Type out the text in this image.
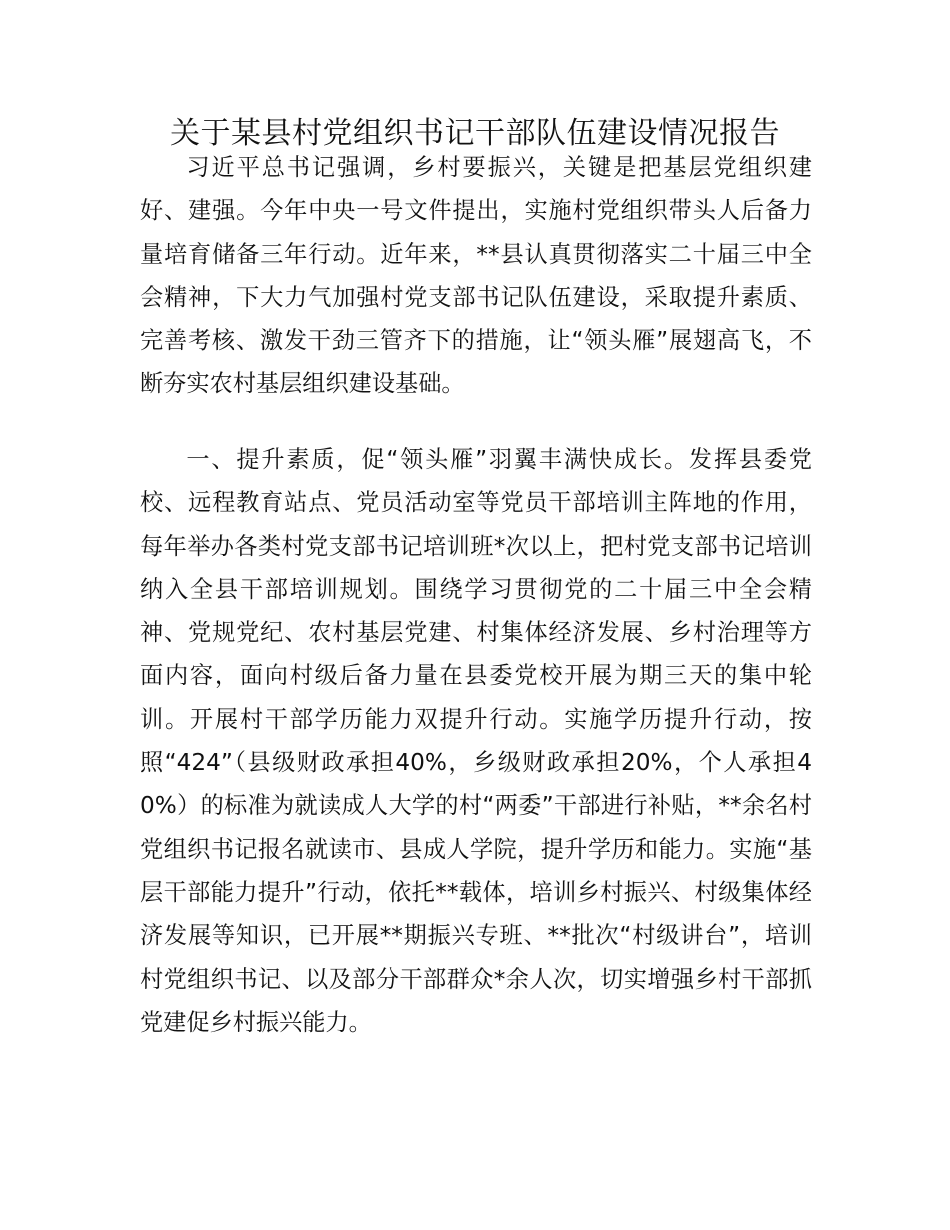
关于某县村党组织书记干部队伍建设情况报告

习近平总书记强调，乡村要振兴，关键是把基层党组织建好、建强。今年中央一号文件提出，实施村党组织带头人后备力量培育储备三年行动。近年来，**县认真贯彻落实二十届三中全会精神，下大力气加强村党支部书记队伍建设，采取提升素质、完善考核、激发干劲三管齐下的措施，让“领头雁”展翅高飞，不断夯实农村基层组织建设基础。

一、提升素质，促“领头雁”羽翼丰满快成长。发挥县委党校、远程教育站点、党员活动室等党员干部培训主阵地的作用，每年举办各类村党支部书记培训班*次以上，把村党支部书记培训纳入全县干部培训规划。围绕学习贯彻党的二十届三中全会精神、党规党纪、农村基层党建、村集体经济发展、乡村治理等方面内容，面向村级后备力量在县委党校开展为期三天的集中轮训。开展村干部学历能力双提升行动。实施学历提升行动，按照“424”（县级财政承担40%，乡级财政承担20%，个人承担40%）的标准为就读成人大学的村“两委”干部进行补贴，**余名村党组织书记报名就读市、县成人学院，提升学历和能力。实施“基层干部能力提升”行动，依托**载体，培训乡村振兴、村级集体经济发展等知识，已开展**期振兴专班、**批次“村级讲台”，培训村党组织书记、以及部分干部群众*余人次，切实增强乡村干部抓党建促乡村振兴能力。
